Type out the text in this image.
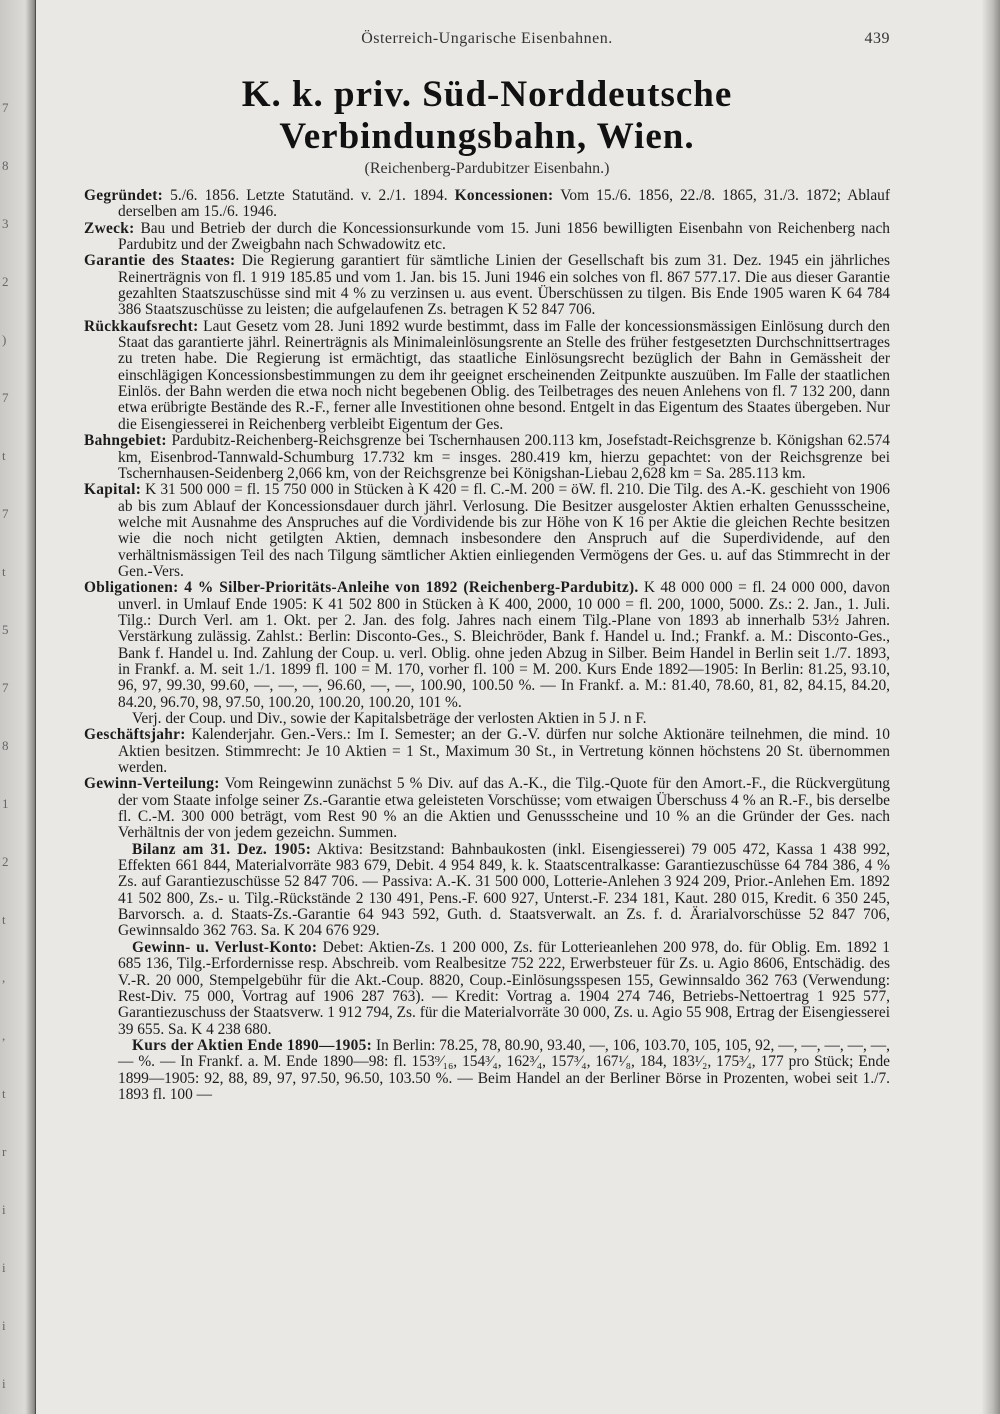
7
8
3
2
)
7
t
7
t
5
7
8
1
2
t
,
,
t
r
i
i
i
i
Österreich-Ungarische Eisenbahnen.	439
K. k. priv. Süd-Norddeutsche Verbindungsbahn, Wien.
(Reichenberg-Pardubitzer Eisenbahn.)

Gegründet: 5./6. 1856. Letzte Statutänd. v. 2./1. 1894. Koncessionen: Vom 15./6. 1856, 22./8. 1865, 31./3. 1872; Ablauf derselben am 15./6. 1946.

Zweck: Bau und Betrieb der durch die Koncessionsurkunde vom 15. Juni 1856 bewilligten Eisenbahn von Reichenberg nach Pardubitz und der Zweigbahn nach Schwadowitz etc.

Garantie des Staates: Die Regierung garantiert für sämtliche Linien der Gesellschaft bis zum 31. Dez. 1945 ein jährliches Reinerträgnis von fl. 1 919 185.85 und vom 1. Jan. bis 15. Juni 1946 ein solches von fl. 867 577.17. Die aus dieser Garantie gezahlten Staatszuschüsse sind mit 4 % zu verzinsen u. aus event. Überschüssen zu tilgen. Bis Ende 1905 waren K 64 784 386 Staatszuschüsse zu leisten; die aufgelaufenen Zs. betragen K 52 847 706.

Rückkaufsrecht: Laut Gesetz vom 28. Juni 1892 wurde bestimmt, dass im Falle der koncessionsmässigen Einlösung durch den Staat das garantierte jährl. Reinerträgnis als Minimaleinlösungsrente an Stelle des früher festgesetzten Durchschnittsertrages zu treten habe. Die Regierung ist ermächtigt, das staatliche Einlösungsrecht bezüglich der Bahn in Gemässheit der einschlägigen Koncessionsbestimmungen zu dem ihr geeignet erscheinenden Zeitpunkte auszuüben. Im Falle der staatlichen Einlös. der Bahn werden die etwa noch nicht begebenen Oblig. des Teilbetrages des neuen Anlehens von fl. 7 132 200, dann etwa erübrigte Bestände des R.-F., ferner alle Investitionen ohne besond. Entgelt in das Eigentum des Staates übergeben. Nur die Eisengiesserei in Reichenberg verbleibt Eigentum der Ges.

Bahngebiet: Pardubitz-Reichenberg-Reichsgrenze bei Tschernhausen 200.113 km, Josefstadt-Reichsgrenze b. Königshan 62.574 km, Eisenbrod-Tannwald-Schumburg 17.732 km = insges. 280.419 km, hierzu gepachtet: von der Reichsgrenze bei Tschernhausen-Seidenberg 2,066 km, von der Reichsgrenze bei Königshan-Liebau 2,628 km = Sa. 285.113 km.

Kapital: K 31 500 000 = fl. 15 750 000 in Stücken à K 420 = fl. C.-M. 200 = öW. fl. 210. Die Tilg. des A.-K. geschieht von 1906 ab bis zum Ablauf der Koncessionsdauer durch jährl. Verlosung. Die Besitzer ausgeloster Aktien erhalten Genussscheine, welche mit Ausnahme des Anspruches auf die Vordividende bis zur Höhe von K 16 per Aktie die gleichen Rechte besitzen wie die noch nicht getilgten Aktien, demnach insbesondere den Anspruch auf die Superdividende, auf den verhältnismässigen Teil des nach Tilgung sämtlicher Aktien einliegenden Vermögens der Ges. u. auf das Stimmrecht in der Gen.-Vers.

Obligationen: 4 % Silber-Prioritäts-Anleihe von 1892 (Reichenberg-Pardubitz). K 48 000 000 = fl. 24 000 000, davon unverl. in Umlauf Ende 1905: K 41 502 800 in Stücken à K 400, 2000, 10 000 = fl. 200, 1000, 5000. Zs.: 2. Jan., 1. Juli. Tilg.: Durch Verl. am 1. Okt. per 2. Jan. des folg. Jahres nach einem Tilg.-Plane von 1893 ab innerhalb 53½ Jahren. Verstärkung zulässig. Zahlst.: Berlin: Disconto-Ges., S. Bleichröder, Bank f. Handel u. Ind.; Frankf. a. M.: Disconto-Ges., Bank f. Handel u. Ind. Zahlung der Coup. u. verl. Oblig. ohne jeden Abzug in Silber. Beim Handel in Berlin seit 1./7. 1893, in Frankf. a. M. seit 1./1. 1899 fl. 100 = M. 170, vorher fl. 100 = M. 200. Kurs Ende 1892—1905: In Berlin: 81.25, 93.10, 96, 97, 99.30, 99.60, —, —, —, 96.60, —, —, 100.90, 100.50 %. — In Frankf. a. M.: 81.40, 78.60, 81, 82, 84.15, 84.20, 84.20, 96.70, 98, 97.50, 100.20, 100.20, 100.20, 101 %.

Verj. der Coup. und Div., sowie der Kapitalsbeträge der verlosten Aktien in 5 J. n F.

Geschäftsjahr: Kalenderjahr. Gen.-Vers.: Im I. Semester; an der G.-V. dürfen nur solche Aktionäre teilnehmen, die mind. 10 Aktien besitzen. Stimmrecht: Je 10 Aktien = 1 St., Maximum 30 St., in Vertretung können höchstens 20 St. übernommen werden.

Gewinn-Verteilung: Vom Reingewinn zunächst 5 % Div. auf das A.-K., die Tilg.-Quote für den Amort.-F., die Rückvergütung der vom Staate infolge seiner Zs.-Garantie etwa geleisteten Vorschüsse; vom etwaigen Überschuss 4 % an R.-F., bis derselbe fl. C.-M. 300 000 beträgt, vom Rest 90 % an die Aktien und Genussscheine und 10 % an die Gründer der Ges. nach Verhältnis der von jedem gezeichn. Summen.

Bilanz am 31. Dez. 1905: Aktiva: Besitzstand: Bahnbaukosten (inkl. Eisengiesserei) 79 005 472, Kassa 1 438 992, Effekten 661 844, Materialvorräte 983 679, Debit. 4 954 849, k. k. Staatscentralkasse: Garantiezuschüsse 64 784 386, 4 % Zs. auf Garantiezuschüsse 52 847 706. — Passiva: A.-K. 31 500 000, Lotterie-Anlehen 3 924 209, Prior.-Anlehen Em. 1892 41 502 800, Zs.- u. Tilg.-Rückstände 2 130 491, Pens.-F. 600 927, Unterst.-F. 234 181, Kaut. 280 015, Kredit. 6 350 245, Barvorsch. a. d. Staats-Zs.-Garantie 64 943 592, Guth. d. Staatsverwalt. an Zs. f. d. Ärarialvorschüsse 52 847 706, Gewinnsaldo 362 763. Sa. K 204 676 929.

Gewinn- u. Verlust-Konto: Debet: Aktien-Zs. 1 200 000, Zs. für Lotterieanlehen 200 978, do. für Oblig. Em. 1892 1 685 136, Tilg.-Erfordernisse resp. Abschreib. vom Realbesitze 752 222, Erwerbsteuer für Zs. u. Agio 8606, Entschädig. des V.-R. 20 000, Stempelgebühr für die Akt.-Coup. 8820, Coup.-Einlösungsspesen 155, Gewinnsaldo 362 763 (Verwendung: Rest-Div. 75 000, Vortrag auf 1906 287 763). — Kredit: Vortrag a. 1904 274 746, Betriebs-Nettoertrag 1 925 577, Garantiezuschuss der Staatsverw. 1 912 794, Zs. für die Materialvorräte 30 000, Zs. u. Agio 55 908, Ertrag der Eisengiesserei 39 655. Sa. K 4 238 680.

Kurs der Aktien Ende 1890—1905: In Berlin: 78.25, 78, 80.90, 93.40, —, 106, 103.70, 105, 105, 92, —, —, —, —, —, — %. — In Frankf. a. M. Ende 1890—98: fl. 153⁹⁄₁₆, 154³⁄₄, 162³⁄₄, 157³⁄₄, 167¹⁄₈, 184, 183¹⁄₂, 175³⁄₄, 177 pro Stück; Ende 1899—1905: 92, 88, 89, 97, 97.50, 96.50, 103.50 %. — Beim Handel an der Berliner Börse in Prozenten, wobei seit 1./7. 1893 fl. 100 —
